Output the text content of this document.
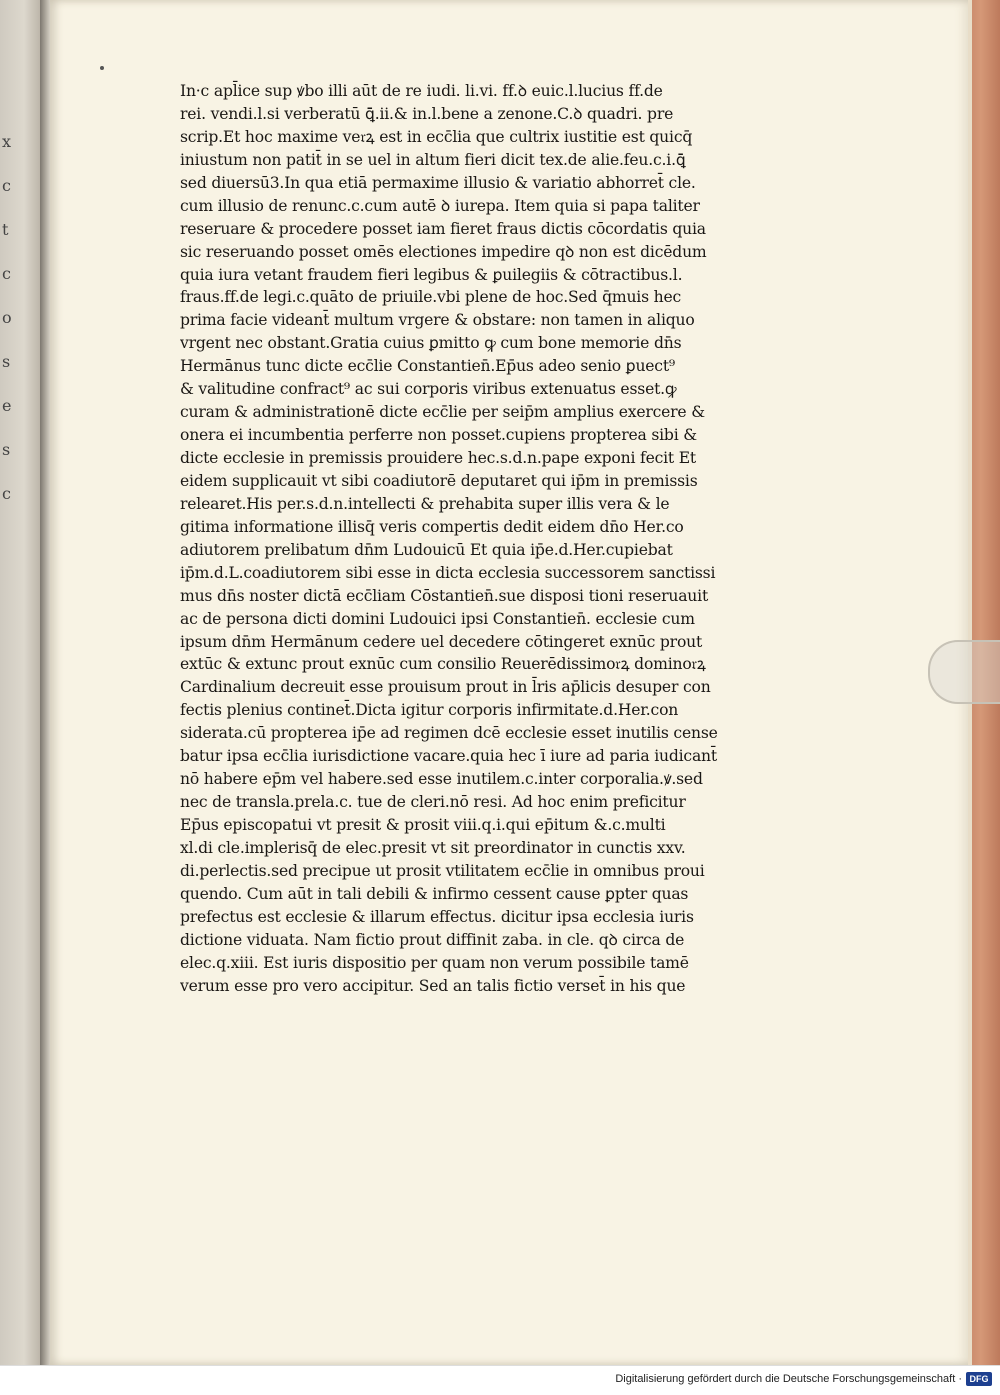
x
c
t
c
o
s
e
s
c
In·c apl̄ice sup ꝟbo illi aūt de re iudi. li.vi. ff.ꝺ euic.l.lucius ff.de
rei. vendi.l.si verberatū ꝗ̄.ii.& in.l.bene a zenone.C.ꝺ quadri. pre
scrip.Et hoc maxime ve𝔯ꝝ est in ecc̄lia que cultrix iustitie est quicq̄
iniustum non patit̄ in se uel in altum fieri dicit tex.de alie.feu.c.i.ꝗ̄
sed diuersū3.In qua etiā permaxime illusio & variatio abhorret̄ cle.
cum illusio de renunc.c.cum autē ꝺ iurepa. Item quia si papa taliter
reseruare & procedere posset iam fieret fraus dictis cōcordatis quia
sic reseruando posset omēs electiones impedire qꝺ non est dicēdum
quia iura vetant fraudem fieri legibus & ꝑuilegiis & cōtractibus.l.
fraus.ff.de legi.c.quāto de priuile.vbi plene de hoc.Sed q̄muis hec
prima facie videant̄ multum vrgere & obstare: non tamen in aliquo
vrgent nec obstant.Gratia cuius ꝑmitto ꝙ cum bone memorie dn̄s
Hermānus tunc dicte ecc̄lie Constantien̄.Ep̄us adeo senio ꝑuect⁹
& valitudine confract⁹ ac sui corporis viribus extenuatus esset.ꝙ
curam & administrationē dicte ecc̄lie per seip̄m amplius exercere &
onera ei incumbentia perferre non posset.cupiens propterea sibi &
dicte ecclesie in premissis prouidere hec.s.d.n.pape exponi fecit Et
eidem supplicauit vt sibi coadiutorē deputaret qui ip̄m in premissis
relearet.His per.s.d.n.intellecti & prehabita super illis vera & le
gitima informatione illisq̄ veris compertis dedit eidem dn̄o Her.co
adiutorem prelibatum dn̄m Ludouicū Et quia ip̄e.d.Her.cupiebat
ip̄m.d.L.coadiutorem sibi esse in dicta ecclesia successorem sanctissi
mus dn̄s noster dictā ecc̄liam Cōstantien̄.sue disposi tioni reseruauit
ac de persona dicti domini Ludouici ipsi Constantien̄. ecclesie cum
ipsum dn̄m Hermānum cedere uel decedere cōtingeret exnūc prout
extūc & extunc prout exnūc cum consilio Reuerēdissimo𝔯ꝝ domino𝔯ꝝ
Cardinalium decreuit esse prouisum prout in l̄ris ap̄licis desuper con
fectis plenius continet̄.Dicta igitur corporis infirmitate.d.Her.con
siderata.cū propterea ip̄e ad regimen dcē ecclesie esset inutilis cense
batur ipsa ecc̄lia iurisdictione vacare.quia hec ī iure ad paria iudicant̄
nō habere ep̄m vel habere.sed esse inutilem.c.inter corporalia.ꝟ.sed
nec de transla.prela.c. tue de cleri.nō resi. Ad hoc enim preficitur
Ep̄us episcopatui vt presit & prosit viii.q.i.qui ep̄itum &.c.multi
xl.di cle.implerisq̄ de elec.presit vt sit preordinator in cunctis xxv.
di.perlectis.sed precipue ut prosit vtilitatem ecc̄lie in omnibus proui
quendo. Cum aūt in tali debili & infirmo cessent cause ꝑpter quas
prefectus est ecclesie & illarum effectus. dicitur ipsa ecclesia iuris
dictione viduata. Nam fictio prout diffinit zaba. in cle. qꝺ circa de
elec.q.xiii. Est iuris dispositio per quam non verum possibile tamē
verum esse pro vero accipitur. Sed an talis fictio verset̄ in his que
Digitalisierung gefördert durch die Deutsche Forschungsgemeinschaft · DFG
